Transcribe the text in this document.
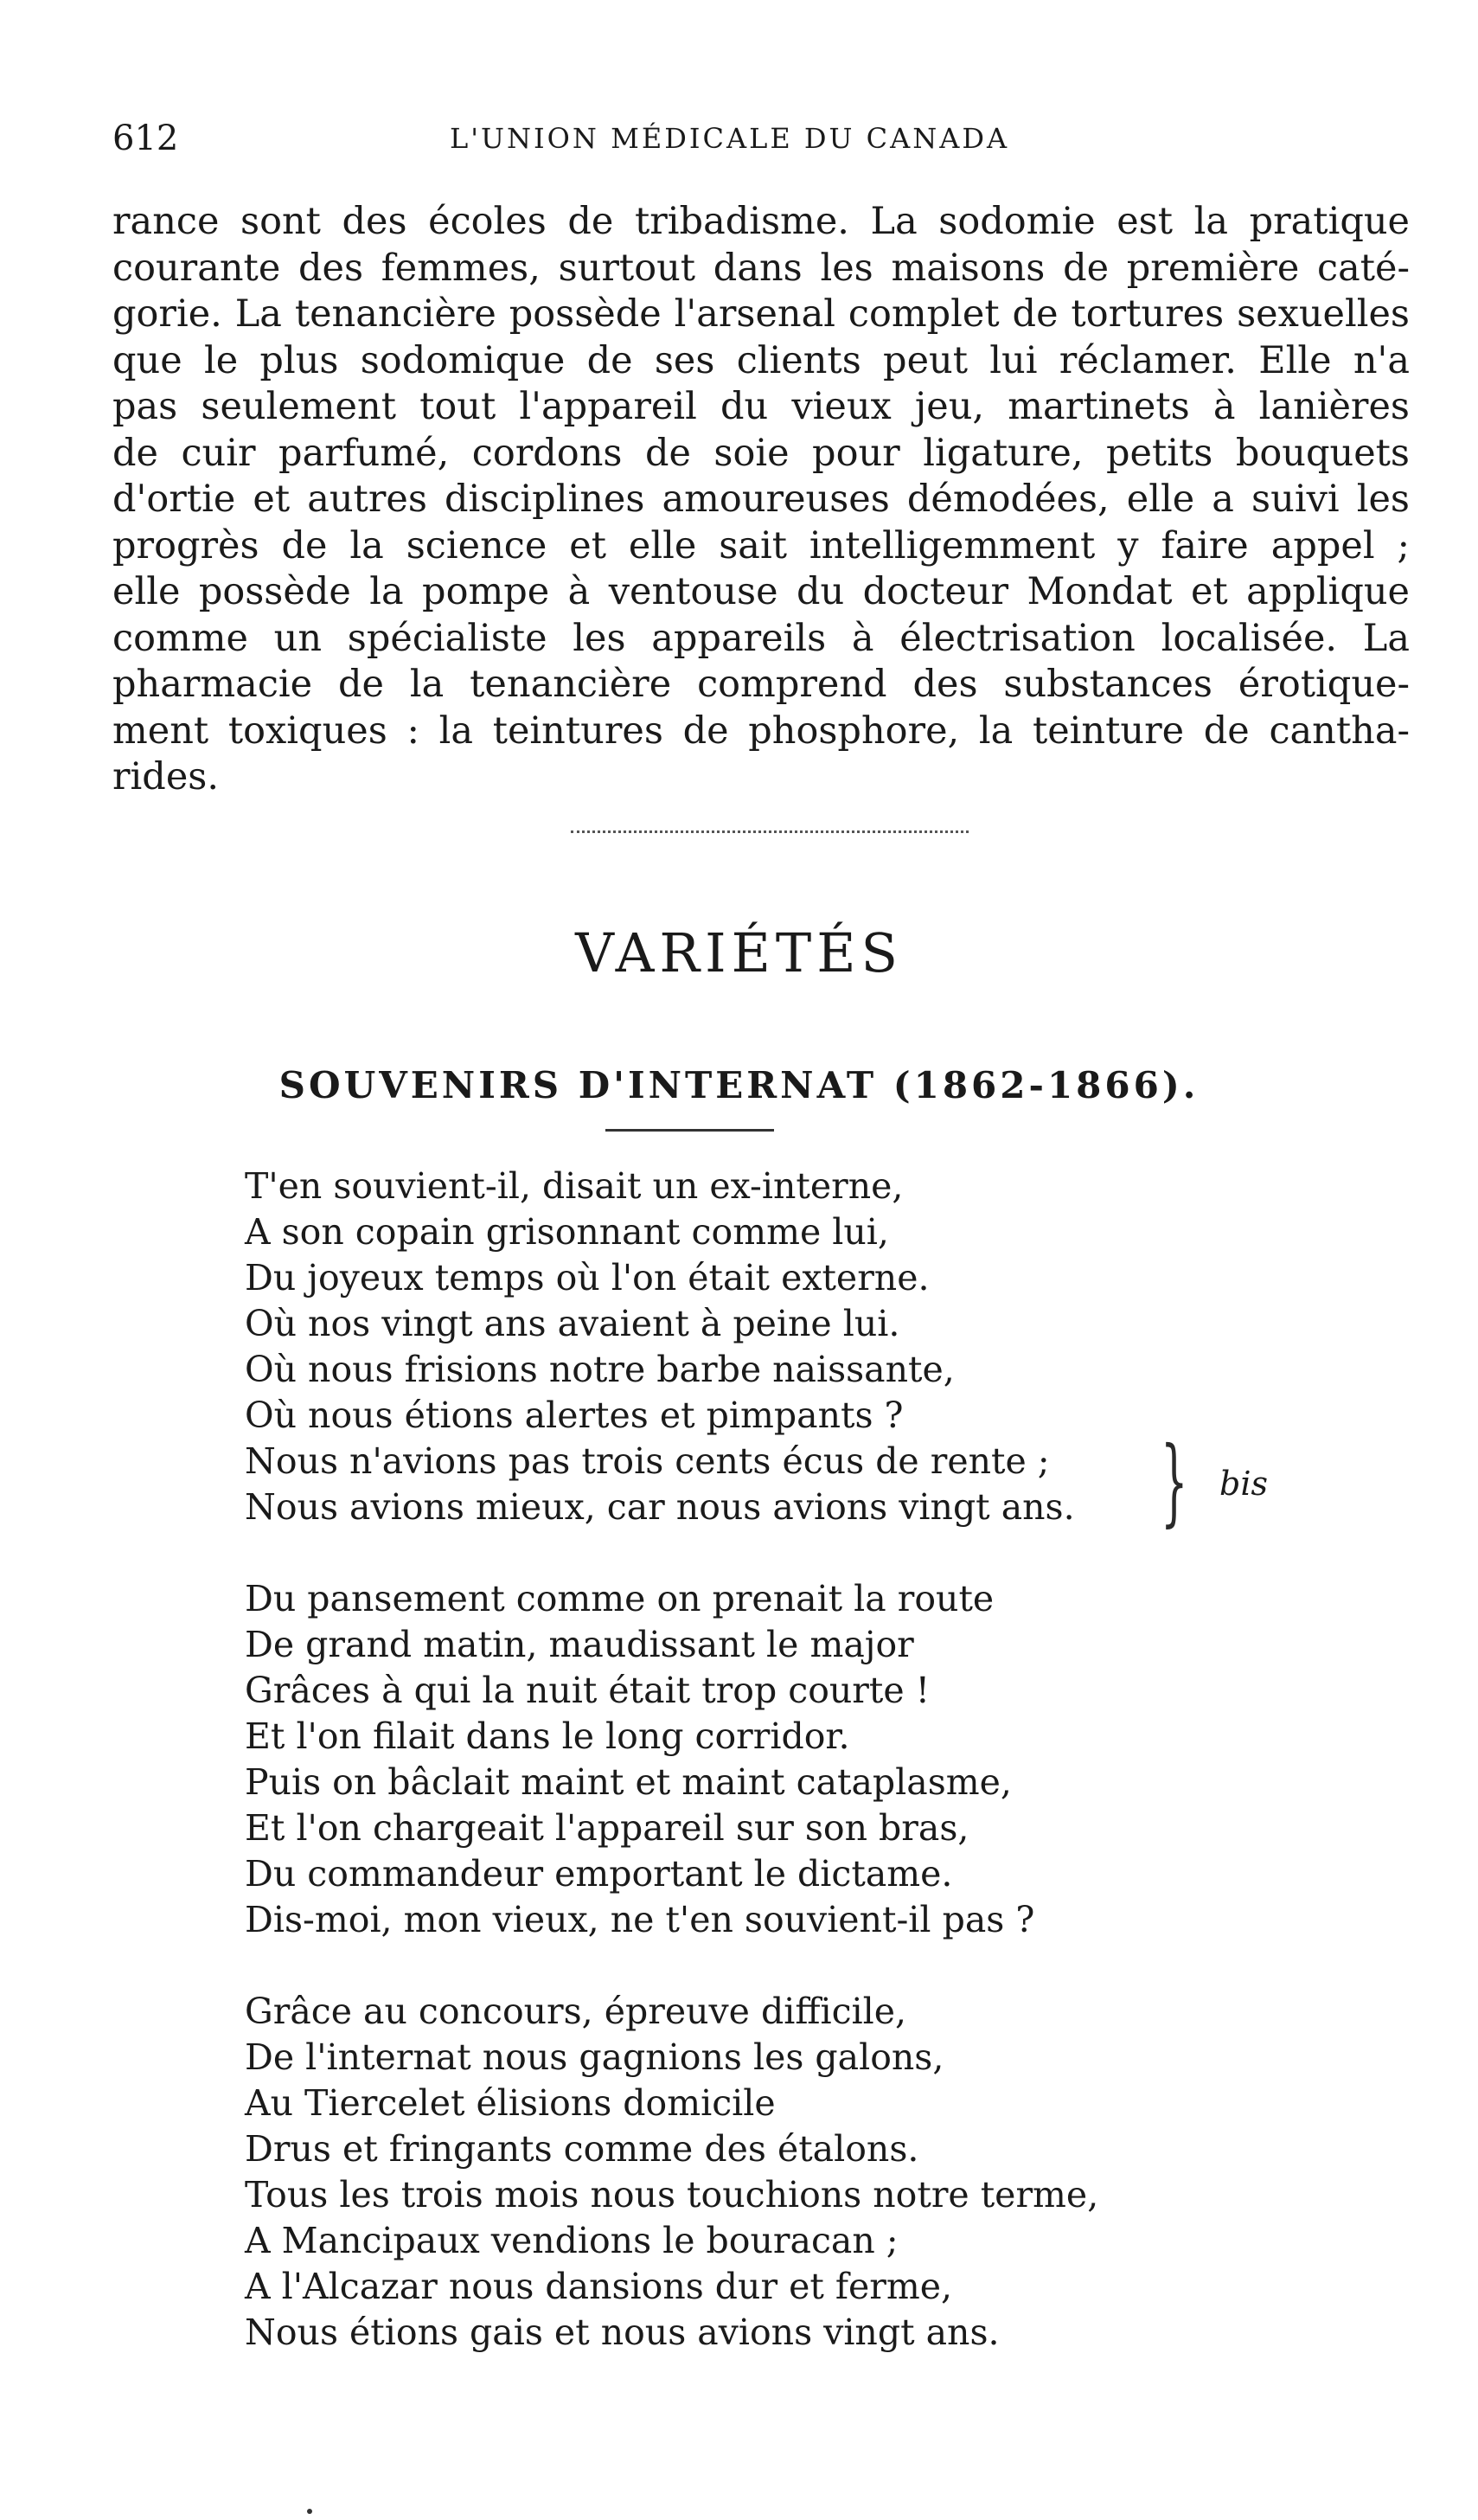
612	L'UNION MÉDICALE DU CANADA
rance sont des écoles de tribadisme. La sodomie est la pratique
courante des femmes, surtout dans les maisons de première caté-
gorie. La tenancière possède l'arsenal complet de tortures sexuelles
que le plus sodomique de ses clients peut lui réclamer. Elle n'a
pas seulement tout l'appareil du vieux jeu, martinets à lanières
de cuir parfumé, cordons de soie pour ligature, petits bouquets
d'ortie et autres disciplines amoureuses démodées, elle a suivi les
progrès de la science et elle sait intelligemment y faire appel ;
elle possède la pompe à ventouse du docteur Mondat et applique
comme un spécialiste les appareils à électrisation localisée. La
pharmacie de la tenancière comprend des substances érotique-
ment toxiques : la teintures de phosphore, la teinture de cantha-
rides.
VARIÉTÉS
SOUVENIRS D'INTERNAT (1862-1866).
T'en souvient-il, disait un ex-interne,
A son copain grisonnant comme lui,
Du joyeux temps où l'on était externe.
Où nos vingt ans avaient à peine lui.
Où nous frisions notre barbe naissante,
Où nous étions alertes et pimpants ?
Nous n'avions pas trois cents écus de rente ;
Nous avions mieux, car nous avions vingt ans.
Du pansement comme on prenait la route
De grand matin, maudissant le major
Grâces à qui la nuit était trop courte !
Et l'on filait dans le long corridor.
Puis on bâclait maint et maint cataplasme,
Et l'on chargeait l'appareil sur son bras,
Du commandeur emportant le dictame.
Dis-moi, mon vieux, ne t'en souvient-il pas ?
Grâce au concours, épreuve difficile,
De l'internat nous gagnions les galons,
Au Tiercelet élisions domicile
Drus et fringants comme des étalons.
Tous les trois mois nous touchions notre terme,
A Mancipaux vendions le bouracan ;
A l'Alcazar nous dansions dur et ferme,
Nous étions gais et nous avions vingt ans.
} bis
